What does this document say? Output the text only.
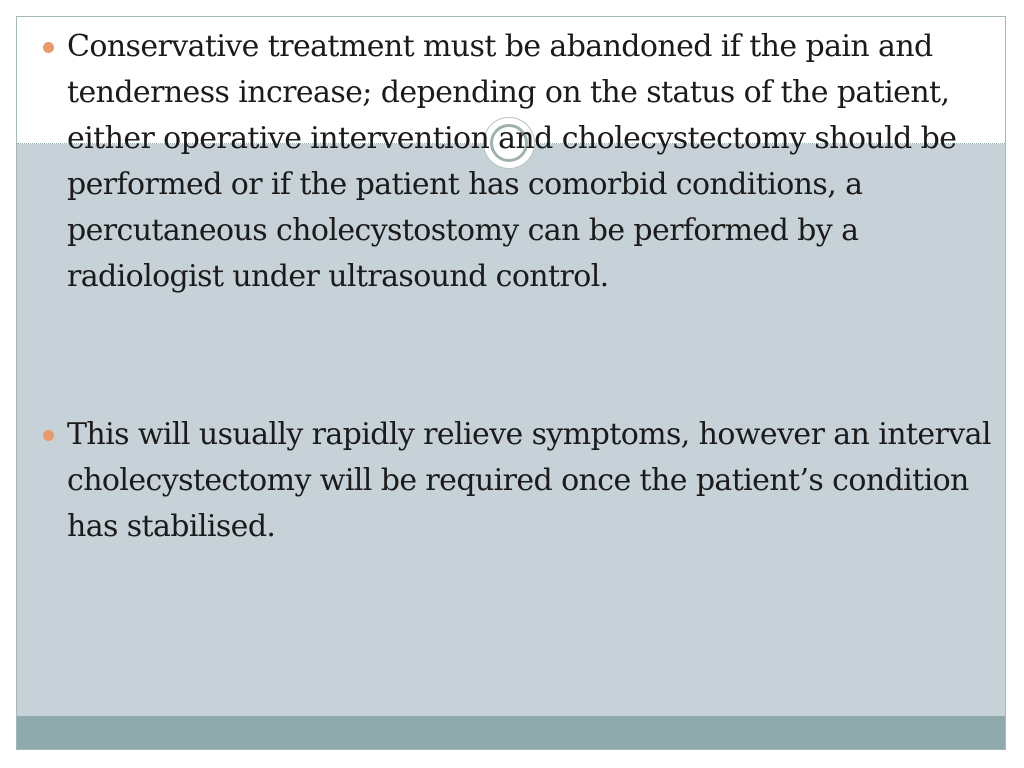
Conservative treatment must be abandoned if the pain and tenderness increase; depending on the status of the patient, either operative intervention and cholecystectomy should be performed or if the patient has comorbid conditions, a percutaneous cholecystostomy can be performed by a radiologist under ultrasound control.
This will usually rapidly relieve symptoms, however an interval cholecystectomy will be required once the patient’s condition has stabilised.
